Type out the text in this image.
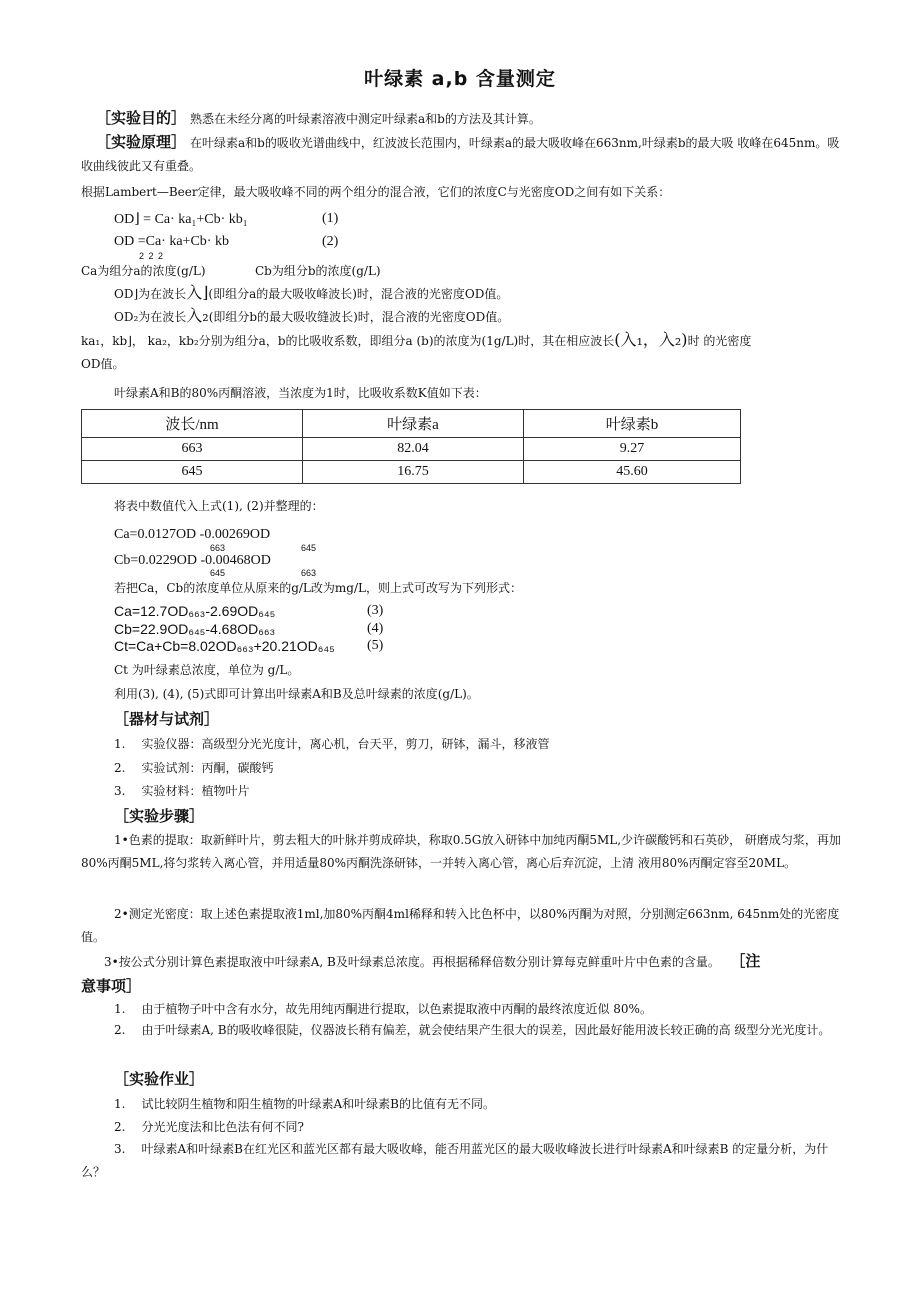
叶绿素 a,b 含量测定
［实验目的］ 熟悉在未经分离的叶绿素溶液中测定叶绿素a和b的方法及其计算。
［实验原理］ 在叶绿素a和b的吸收光谱曲线中，红波波长范围内，叶绿素a的最大吸收峰在663nm,叶绿素b的最大吸 收峰在645nm。吸收曲线彼此又有重叠。
根据Lambert—Beer定律，最大吸收峰不同的两个组分的混合液，它们的浓度C与光密度OD之间有如下关系：
OD⌋ = Ca· ka₁+Cb· kb₁	(1)
OD =Ca· ka+Cb· kb	(2)
2 2 2
Ca为组分a的浓度(g/L)	Cb为组分b的浓度(g/L)
OD⌋为在波长入⌋(即组分a的最大吸收峰波长)时，混合液的光密度OD值。
OD₂为在波长入₂(即组分b的最大吸收缝波长)时，混合液的光密度OD值。
ka₁，kb⌋， ka₂，kb₂分别为组分a，b的比吸收系数，即组分a (b)的浓度为(1g/L)时，其在相应波长(入₁，入₂)时 的光密度
OD值。
叶绿素A和B的80%丙酮溶液，当浓度为1时，比吸收系数K值如下表：
波长/nm	叶绿素a	叶绿素b
663	82.04	9.27
645	16.75	45.60
将表中数值代入上式(1), (2)并整理的：
Ca=0.0127OD -0.00269OD
663	645
Cb=0.0229OD -0.00468OD
645	663
若把Ca，Cb的浓度单位从原来的g/L改为mg/L，则上式可改写为下列形式：
Ca=12.7OD₆₆₃-2.69OD₆₄₅	(3)
Cb=22.9OD₆₄₅-4.68OD₆₆₃	(4)
Ct=Ca+Cb=8.02OD₆₆₃+20.21OD₆₄₅ (5)
Ct 为叶绿素总浓度，单位为 g/L。
利用(3), (4), (5)式即可计算出叶绿素A和B及总叶绿素的浓度(g/L)。
［器材与试剂］
1. 实验仪器：高级型分光光度计，离心机，台天平，剪刀，研钵，漏斗，移液管
2. 实验试剂：丙酮，碳酸钙
3. 实验材料：植物叶片
［实验步骤］
1•色素的提取：取新鲜叶片，剪去粗大的叶脉并剪成碎块，称取0.5G放入研钵中加纯丙酮5ML,少许碳酸钙和石英砂， 研磨成匀浆，再加80%丙酮5ML,将匀浆转入离心管，并用适量80%丙酮洗涤研钵，一并转入离心管，离心后弃沉淀，上清 液用80%丙酮定容至20ML。
2•测定光密度：取上述色素提取液1ml,加80%丙酮4ml稀释和转入比色杯中，以80%丙酮为对照，分别测定663nm, 645nm处的光密度值。
3•按公式分别计算色素提取液中叶绿素A, B及叶绿素总浓度。再根据稀释倍数分别计算每克鲜重叶片中色素的含量。 ［注
意事项］
1. 由于植物子叶中含有水分，故先用纯丙酮进行提取，以色素提取液中丙酮的最终浓度近似 80%。
2. 由于叶绿素A, B的吸收峰很陡，仪器波长稍有偏差，就会使结果产生很大的误差，因此最好能用波长较正确的高 级型分光光度计。
［实验作业］
1. 试比较阴生植物和阳生植物的叶绿素A和叶绿素B的比值有无不同。
2. 分光光度法和比色法有何不同?
3. 叶绿素A和叶绿素B在红光区和蓝光区都有最大吸收峰，能否用蓝光区的最大吸收峰波长进行叶绿素A和叶绿素B 的定量分析，为什么？
